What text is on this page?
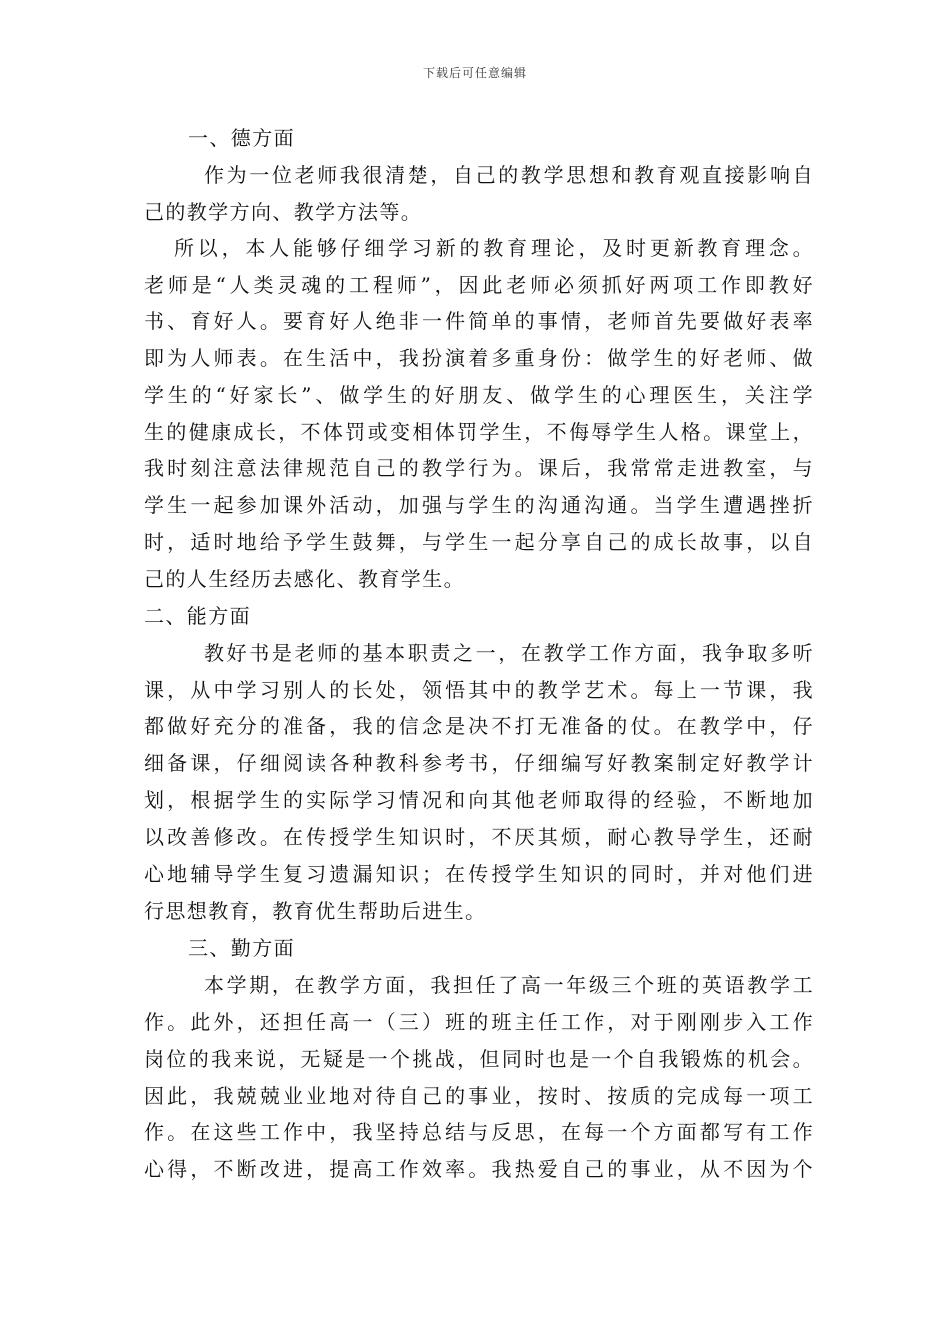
下载后可任意编辑
一、德方面
作为一位老师我很清楚，自己的教学思想和教育观直接影响自
己的教学方向、教学方法等。
所以，本人能够仔细学习新的教育理论，及时更新教育理念。
老师是“人类灵魂的工程师”，因此老师必须抓好两项工作即教好
书、育好人。要育好人绝非一件简单的事情，老师首先要做好表率
即为人师表。在生活中，我扮演着多重身份：做学生的好老师、做
学生的“好家长”、做学生的好朋友、做学生的心理医生，关注学
生的健康成长，不体罚或变相体罚学生，不侮辱学生人格。课堂上，
我时刻注意法律规范自己的教学行为。课后，我常常走进教室，与
学生一起参加课外活动，加强与学生的沟通沟通。当学生遭遇挫折
时，适时地给予学生鼓舞，与学生一起分享自己的成长故事，以自
己的人生经历去感化、教育学生。
二、能方面
教好书是老师的基本职责之一，在教学工作方面，我争取多听
课，从中学习别人的长处，领悟其中的教学艺术。每上一节课，我
都做好充分的准备，我的信念是决不打无准备的仗。在教学中，仔
细备课，仔细阅读各种教科参考书，仔细编写好教案制定好教学计
划，根据学生的实际学习情况和向其他老师取得的经验，不断地加
以改善修改。在传授学生知识时，不厌其烦，耐心教导学生，还耐
心地辅导学生复习遗漏知识；在传授学生知识的同时，并对他们进
行思想教育，教育优生帮助后进生。
三、勤方面
本学期，在教学方面，我担任了高一年级三个班的英语教学工
作。此外，还担任高一（三）班的班主任工作，对于刚刚步入工作
岗位的我来说，无疑是一个挑战，但同时也是一个自我锻炼的机会。
因此，我兢兢业业地对待自己的事业，按时、按质的完成每一项工
作。在这些工作中，我坚持总结与反思，在每一个方面都写有工作
心得，不断改进，提高工作效率。我热爱自己的事业，从不因为个
